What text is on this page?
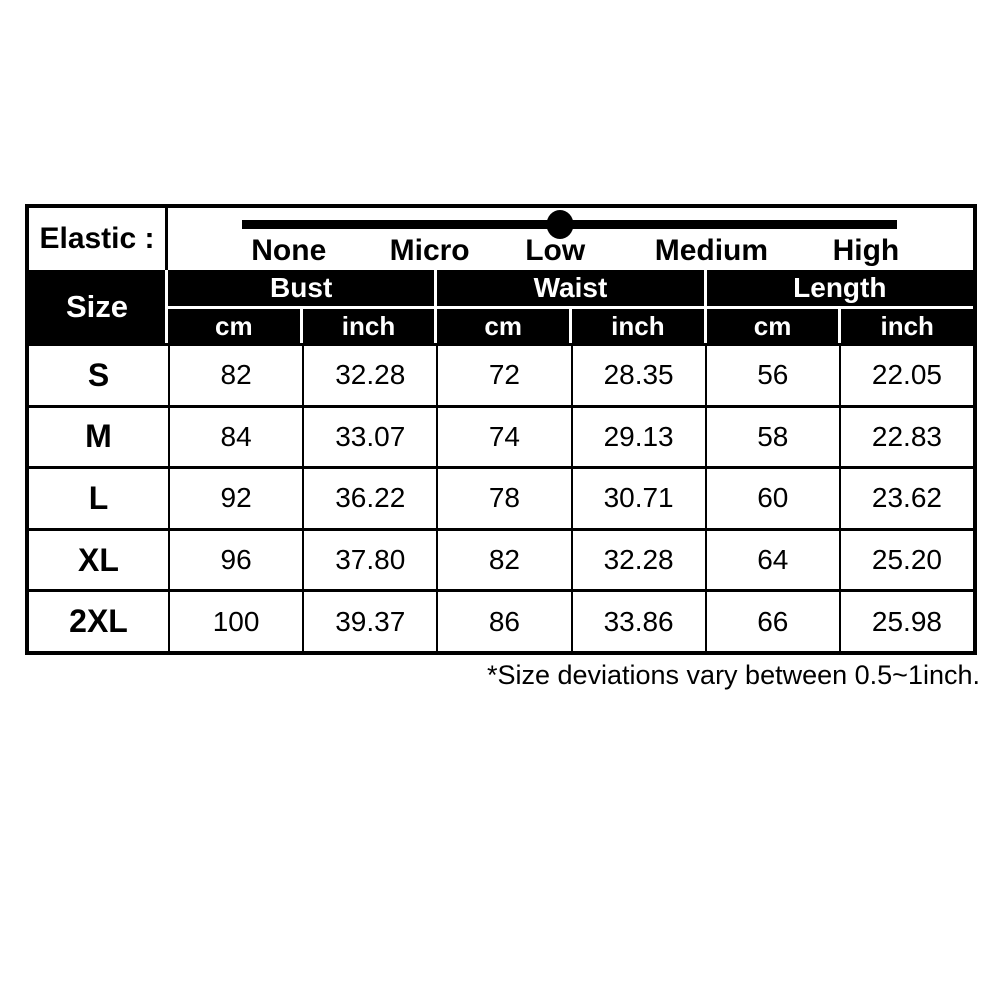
Elastic :	None Micro Low Medium High
Size
Bust	Waist	Length
cm	inch	cm	inch	cm	inch
S	82	32.28	72	28.35	56	22.05
M	84	33.07	74	29.13	58	22.83
L	92	36.22	78	30.71	60	23.62
XL	96	37.80	82	32.28	64	25.20
2XL	100	39.37	86	33.86	66	25.98
*Size deviations vary between 0.5~1inch.
